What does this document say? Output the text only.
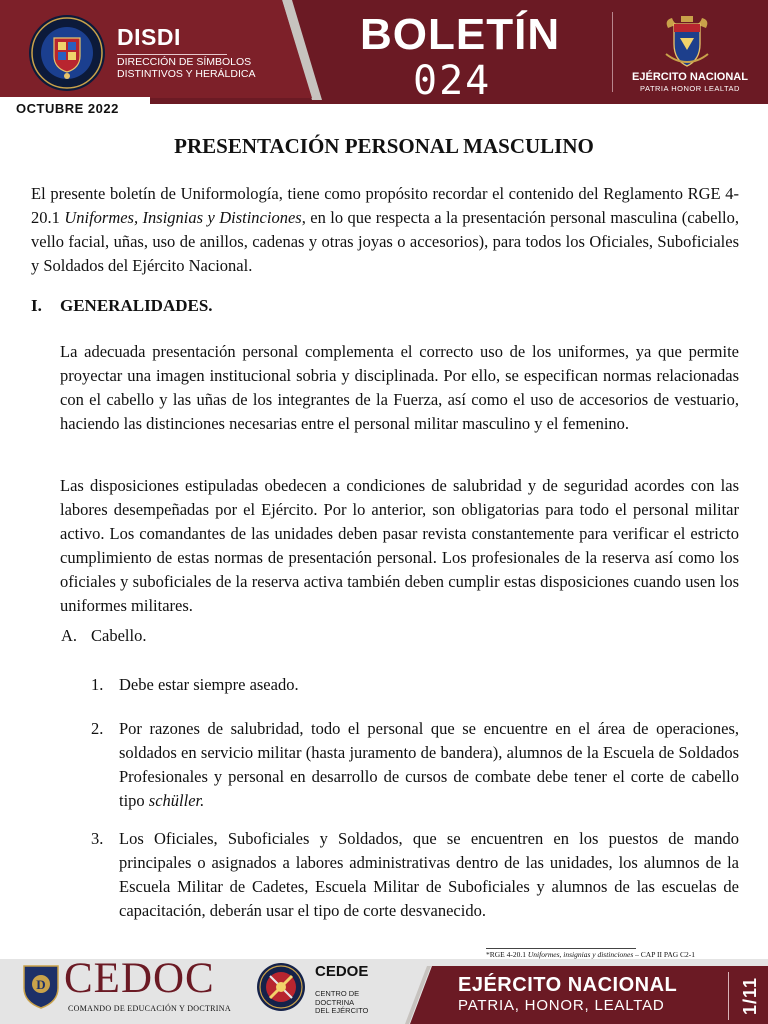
DISDI
DIRECCIÓN DE SÍMBOLOS
DISTINTIVOS Y HERÁLDICA
OCTUBRE 2022
BOLETÍN
024	EJÉRCITO NACIONAL
PATRIA HONOR LEALTAD
PRESENTACIÓN PERSONAL MASCULINO
El presente boletín de Uniformología, tiene como propósito recordar el contenido del Reglamento RGE 4-20.1 Uniformes, Insignias y Distinciones, en lo que respecta a la presentación personal masculina (cabello, vello facial, uñas, uso de anillos, cadenas y otras joyas o accesorios), para todos los Oficiales, Suboficiales y Soldados del Ejército Nacional.
I. GENERALIDADES.
La adecuada presentación personal complementa el correcto uso de los uniformes, ya que permite proyectar una imagen institucional sobria y disciplinada. Por ello, se especifican normas relacionadas con el cabello y las uñas de los integrantes de la Fuerza, así como el uso de accesorios de vestuario, haciendo las distinciones necesarias entre el personal militar masculino y el femenino.
Las disposiciones estipuladas obedecen a condiciones de salubridad y de seguridad acordes con las labores desempeñadas por el Ejército. Por lo anterior, son obligatorias para todo el personal militar activo. Los comandantes de las unidades deben pasar revista constantemente para verificar el estricto cumplimiento de estas normas de presentación personal. Los profesionales de la reserva así como los oficiales y suboficiales de la reserva activa también deben cumplir estas disposiciones cuando usen los uniformes militares.
A. Cabello.
1. Debe estar siempre aseado.
2. Por razones de salubridad, todo el personal que se encuentre en el área de operaciones, soldados en servicio militar (hasta juramento de bandera), alumnos de la Escuela de Soldados Profesionales y personal en desarrollo de cursos de combate debe tener el corte de cabello tipo schüller.
3. Los Oficiales, Suboficiales y Soldados, que se encuentren en los puestos de mando principales o asignados a labores administrativas dentro de las unidades, los alumnos de la Escuela Militar de Cadetes, Escuela Militar de Suboficiales y alumnos de las escuelas de capacitación, deberán usar el tipo de corte desvanecido.
*RGE 4-20.1 Uniformes, insignias y distinciones – CAP II PAG C2-1
D CEDOC
COMANDO DE EDUCACIÓN Y DOCTRINA
CEDOE
CENTRO DE DOCTRINA
DEL EJÉRCITO
EJÉRCITO NACIONAL
PATRIA, HONOR, LEALTAD	1/11
